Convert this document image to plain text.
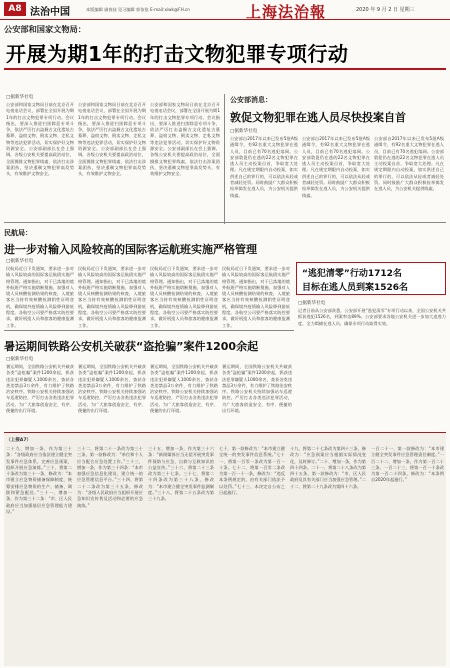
A8 法治中国	本版编辑 屠春技 见习编辑 郭依依 E-mail:xiwk@FH.cn	上海法治報	2020 年 9 月 2 日 星期三
公安部和国家文物局：
开展为期1年的打击文物犯罪专项行动
□据新华社电
公安部和国家文物局日前在北京召开电视电话会议，部署在全国开展为期1年的打击文物犯罪专项行动。会议指出，要深入推进扫黑除恶专项斗争，依法严厉打击盗掘古文化遗址古墓葬、盗窃文物、倒卖文物、走私文物等违法犯罪活动，切实保护好文物资源安全。公安部副部长在会上强调，各级公安机关要提高政治站位，全面摸排文物犯罪线索，依法打击涉案团伙，坚决遏制文物犯罪高发势头，有效维护文物安全。
公安部和国家文物局日前在北京召开电视电话会议，部署在全国开展为期1年的打击文物犯罪专项行动。会议指出，要深入推进扫黑除恶专项斗争，依法严厉打击盗掘古文化遗址古墓葬、盗窃文物、倒卖文物、走私文物等违法犯罪活动，切实保护好文物资源安全。公安部副部长在会上强调，各级公安机关要提高政治站位，全面摸排文物犯罪线索，依法打击涉案团伙，坚决遏制文物犯罪高发势头，有效维护文物安全。
公安部和国家文物局日前在北京召开电视电话会议，部署在全国开展为期1年的打击文物犯罪专项行动。会议指出，要深入推进扫黑除恶专项斗争，依法严厉打击盗掘古文化遗址古墓葬、盗窃文物、倒卖文物、走私文物等违法犯罪活动，切实保护好文物资源安全。公安部副部长在会上强调，各级公安机关要提高政治站位，全面摸排文物犯罪线索，依法打击涉案团伙，坚决遏制文物犯罪高发势头，有效维护文物安全。
公安部消息：
敦促文物犯罪在逃人员尽快投案自首
□据新华社电
公安部自2017年以来已发布5批A级通缉令，有92名重大文物犯罪在逃人员，目前已有70名逃犯落网。公安部敦促仍在逃的22名文物犯罪在逃人员主动投案自首，争取宽大处理。凡在规定期限内自动投案，如实供述自己的罪行的，可以依法从轻或者减轻处罚。同时鼓励广大群众积极检举揭发在逃人员，为公安机关提供线索。
公安部自2017年以来已发布5批A级通缉令，有92名重大文物犯罪在逃人员，目前已有70名逃犯落网。公安部敦促仍在逃的22名文物犯罪在逃人员主动投案自首，争取宽大处理。凡在规定期限内自动投案，如实供述自己的罪行的，可以依法从轻或者减轻处罚。同时鼓励广大群众积极检举揭发在逃人员，为公安机关提供线索。
公安部自2017年以来已发布5批A级通缉令，有92名重大文物犯罪在逃人员，目前已有70名逃犯落网。公安部敦促仍在逃的22名文物犯罪在逃人员主动投案自首，争取宽大处理。凡在规定期限内自动投案，如实供述自己的罪行的，可以依法从轻或者减轻处罚。同时鼓励广大群众积极检举揭发在逃人员，为公安机关提供线索。
民航局：
进一步对输入风险较高的国际客运航班实施严格管理
□据新华社电
民航局近日下发通知，要求进一步对输入风险较高的国际客运航班实施严格管理。通知指出，对于已落地的境外航班严格实施熔断措施，加强对入境人员核酸检测结果的核查，入境旅客应当持有效核酸检测阴性证明登机，确保境外疫情输入风险降到最低程度。各航空公司要严格落实防控要求，做好机组人员和旅客的健康监测工作。
民航局近日下发通知，要求进一步对输入风险较高的国际客运航班实施严格管理。通知指出，对于已落地的境外航班严格实施熔断措施，加强对入境人员核酸检测结果的核查，入境旅客应当持有效核酸检测阴性证明登机，确保境外疫情输入风险降到最低程度。各航空公司要严格落实防控要求，做好机组人员和旅客的健康监测工作。
民航局近日下发通知，要求进一步对输入风险较高的国际客运航班实施严格管理。通知指出，对于已落地的境外航班严格实施熔断措施，加强对入境人员核酸检测结果的核查，入境旅客应当持有效核酸检测阴性证明登机，确保境外疫情输入风险降到最低程度。各航空公司要严格落实防控要求，做好机组人员和旅客的健康监测工作。
民航局近日下发通知，要求进一步对输入风险较高的国际客运航班实施严格管理。通知指出，对于已落地的境外航班严格实施熔断措施，加强对入境人员核酸检测结果的核查，入境旅客应当持有效核酸检测阴性证明登机，确保境外疫情输入风险降到最低程度。各航空公司要严格落实防控要求，做好机组人员和旅客的健康监测工作。
“逃犯清零”行动1712名
目标在逃人员到案1526名
□据新华社电
记者日前从公安部获悉，公安部开展“逃犯清零”专项行动以来，全国公安机关共抓获逃犯1526名，到案率达89%。公安部要求各地公安机关进一步加大追逃力度，全力缉捕在逃人员，确保专项行动取得实效。
暑运期间铁路公安机关破获“盗抢骗”案件1200余起
□据新华社电
暑运期间，全国铁路公安机关共破获各类“盗抢骗”案件1200余起，抓获违法犯罪嫌疑人1000余名，查获各类违禁品3万余件，有力维护了铁路治安秩序。铁路公安机关持续加强站车巡逻防控，严厉打击各类违法犯罪活动，为广大旅客创造安全、有序、便捷的出行环境。
暑运期间，全国铁路公安机关共破获各类“盗抢骗”案件1200余起，抓获违法犯罪嫌疑人1000余名，查获各类违禁品3万余件，有力维护了铁路治安秩序。铁路公安机关持续加强站车巡逻防控，严厉打击各类违法犯罪活动，为广大旅客创造安全、有序、便捷的出行环境。
暑运期间，全国铁路公安机关共破获各类“盗抢骗”案件1200余起，抓获违法犯罪嫌疑人1000余名，查获各类违禁品3万余件，有力维护了铁路治安秩序。铁路公安机关持续加强站车巡逻防控，严厉打击各类违法犯罪活动，为广大旅客创造安全、有序、便捷的出行环境。
暑运期间，全国铁路公安机关共破获各类“盗抢骗”案件1200余起，抓获违法犯罪嫌疑人1000余名，查获各类违禁品3万余件，有力维护了铁路治安秩序。铁路公安机关持续加强站车巡逻防控，严厉打击各类违法犯罪活动，为广大旅客创造安全、有序、便捷的出行环境。
（上接A7）
二十九、增加一条，作为第三十条：“各级政府应当依法建立健全突发事件应急体系，完善应急预案，组织开展应急演练。”三十、将第二十条改为第三十一条，修改为：“本市建立应急物资储备保障制度，统筹安排应急物资的生产、储备、调拨和紧急配送。”三十一、增加一条，作为第三十二条：“市、区人民政府应当加强基层应急管理能力建设。”
三十二、将第二十一条改为第三十三条，第一款修改为：“单位和个人应当配合应急处置工作。”三十三、增加一条，作为第三十四条：“本市加强应急信息化建设，建立统一的应急管理信息平台。”三十四、将第二十二条改为第三十五条，修改为：“各级人民政府应当组织开展应急知识宣传普及活动和必要的应急演练。”
三十五、增加一条，作为第三十六条：“新闻媒体应当无偿开展突发事件预防与应急、自救与互救知识的公益宣传。”三十六、将第二十三条改为第三十七条。三十七、将第二十四条改为第三十八条，修改为：“本市建立健全突发事件监测制度。”三十八、将第二十五条改为第三十九条。
七十、第一款修改为：“本市建立健全统一的突发事件信息系统。”七十一、将第一百零一条改为第一百一十条。七十二、将第一百零二条改为第一百一十一条，修改为：“违反本条例规定的，由有关部门依法予以处罚。”七十三、本决定自公布之日起施行。
十九、将第二十七条改为第四十三条，修改为：“应急预案应当根据实际情况变化，及时修订。”二十、增加一条，作为第四十四条。二十一、将第二十八条改为第四十五条，第一款修改为：“市、区人民政府及其有关部门应当加强应急管理。”二十二、将第二十九条改为第四十六条。
一百二十一、第一款修改为：“本市建立健全突发事件应急管理责任制度。”一百二十二、增加一条，作为第一百二十三条。一百二十三、将第一百一十条改为第一百二十四条，修改为：“本条例自2020年起施行。”
